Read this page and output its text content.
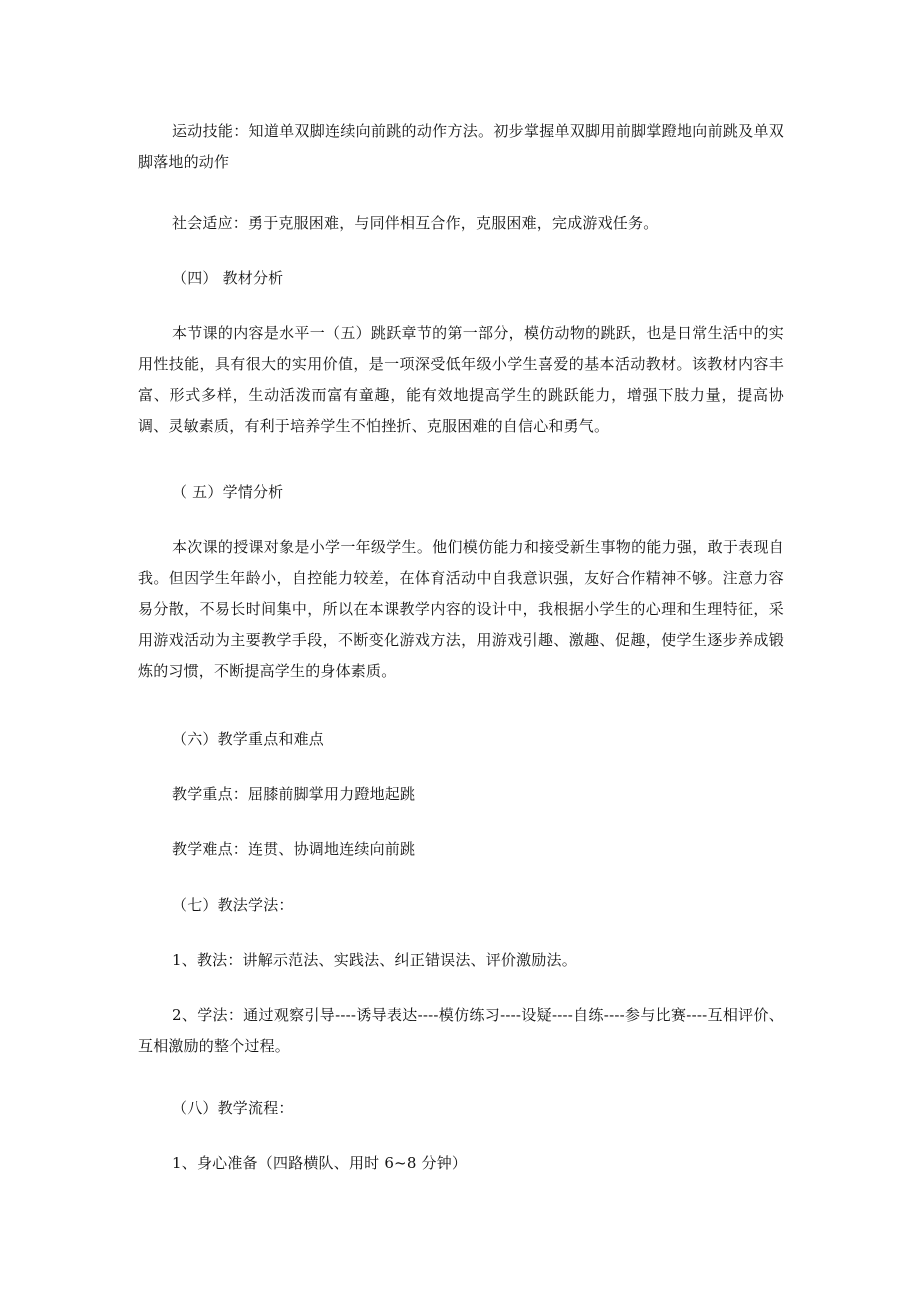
运动技能：知道单双脚连续向前跳的动作方法。初步掌握单双脚用前脚掌蹬地向前跳及单双脚落地的动作

社会适应：勇于克服困难，与同伴相互合作，克服困难，完成游戏任务。

（四） 教材分析

本节课的内容是水平一（五）跳跃章节的第一部分，模仿动物的跳跃，也是日常生活中的实用性技能，具有很大的实用价值，是一项深受低年级小学生喜爱的基本活动教材。该教材内容丰富、形式多样，生动活泼而富有童趣，能有效地提高学生的跳跃能力，增强下肢力量，提高协调、灵敏素质，有利于培养学生不怕挫折、克服困难的自信心和勇气。

（ 五）学情分析

本次课的授课对象是小学一年级学生。他们模仿能力和接受新生事物的能力强，敢于表现自我。但因学生年龄小，自控能力较差，在体育活动中自我意识强，友好合作精神不够。注意力容易分散，不易长时间集中，所以在本课教学内容的设计中，我根据小学生的心理和生理特征，采用游戏活动为主要教学手段，不断变化游戏方法，用游戏引趣、激趣、促趣，使学生逐步养成锻炼的习惯，不断提高学生的身体素质。

（六）教学重点和难点

教学重点：屈膝前脚掌用力蹬地起跳

教学难点：连贯、协调地连续向前跳

（七）教法学法：

1、教法：讲解示范法、实践法、纠正错误法、评价激励法。

2、学法：通过观察引导----诱导表达----模仿练习----设疑----自练----参与比赛----互相评价、互相激励的整个过程。

（八）教学流程：

1、身心准备（四路横队、用时 6~8 分钟）
